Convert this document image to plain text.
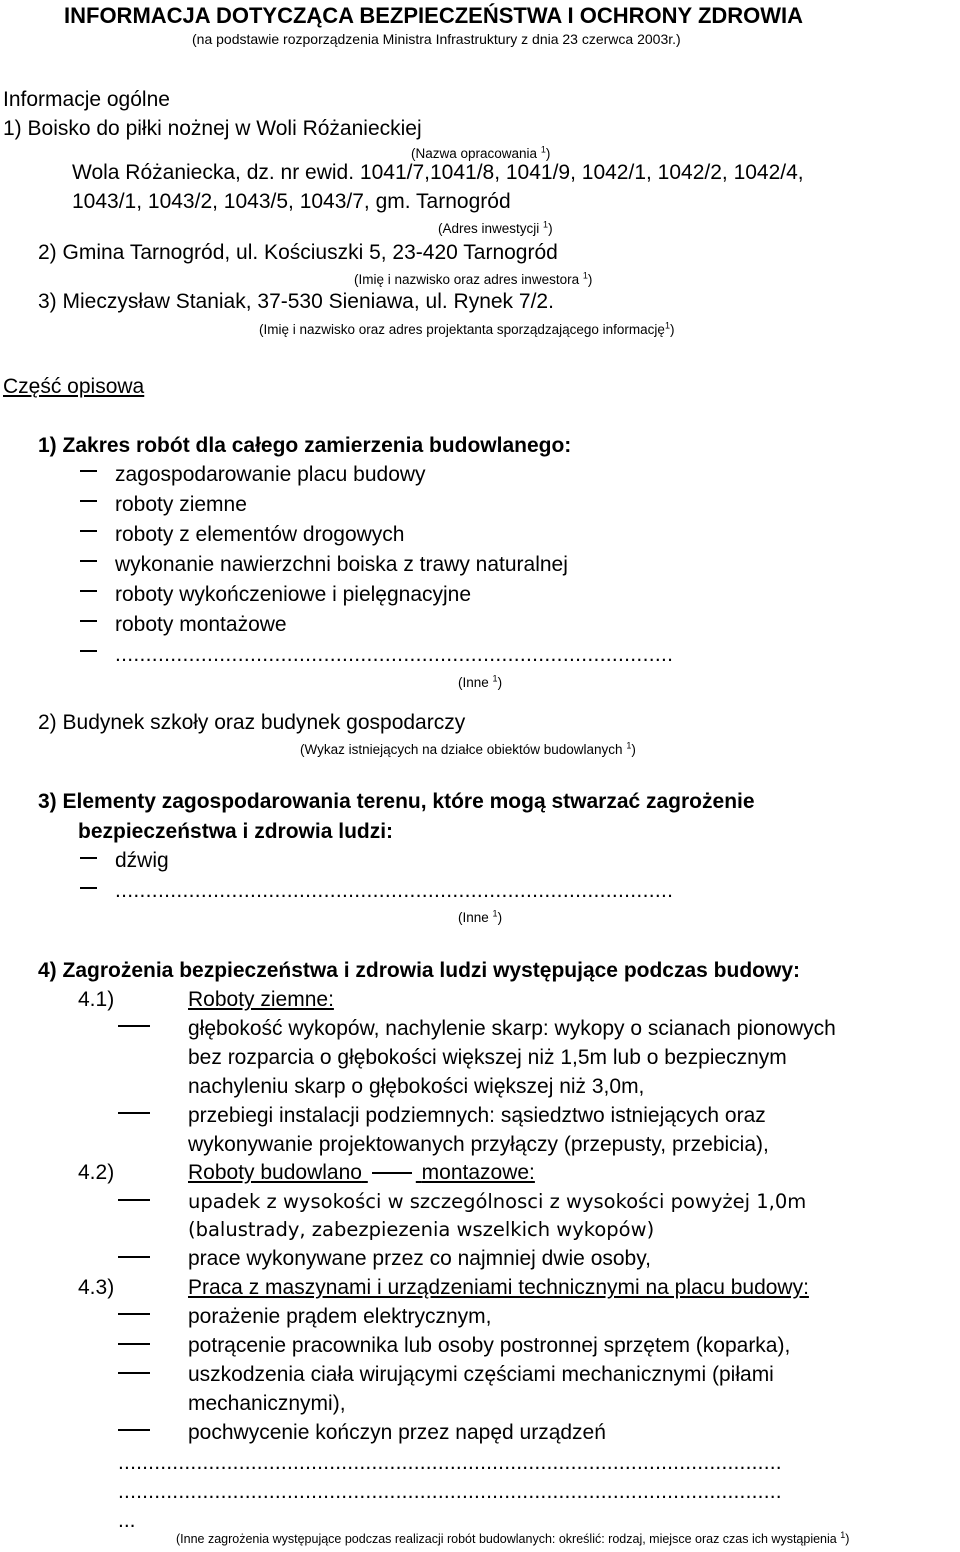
INFORMACJA DOTYCZĄCA BEZPIECZEŃSTWA I OCHRONY ZDROWIA
(na podstawie rozporządzenia Ministra Infrastruktury z dnia 23 czerwca 2003r.)
Informacje ogólne
1) Boisko do piłki nożnej w Woli Różanieckiej
(Nazwa opracowania $^1$)
Wola Różaniecka, dz. nr ewid. 1041/7,1041/8, 1041/9, 1042/1, 1042/2, 1042/4,
1043/1, 1043/2, 1043/5, 1043/7, gm. Tarnogród
(Adres inwestycji $^1$)
2) Gmina Tarnogród, ul. Kościuszki 5, 23-420 Tarnogród
(Imię i nazwisko oraz adres inwestora $^1$)
3) Mieczysław Staniak, 37-530 Sieniawa, ul. Rynek 7/2.
(Imię i nazwisko oraz adres projektanta sporządzającego informację$^1$)
Część opisowa
1) Zakres robót dla całego zamierzenia budowlanego:
zagospodarowanie placu budowy
roboty ziemne
roboty z elementów drogowych
wykonanie nawierzchni boiska z trawy naturalnej
roboty wykończeniowe i pielęgnacyjne
roboty montażowe
...........................................................................................
(Inne $^1$)
2) Budynek szkoły oraz budynek gospodarczy
(Wykaz istniejących na działce obiektów budowlanych $^1$)
3) Elementy zagospodarowania terenu, które mogą stwarzać zagrożenie
bezpieczeństwa i zdrowia ludzi:
dźwig
...........................................................................................
(Inne $^1$)
4) Zagrożenia bezpieczeństwa i zdrowia ludzi występujące podczas budowy:
4.1)	Roboty ziemne:
głębokość wykopów, nachylenie skarp: wykopy o scianach pionowych
bez rozparcia o głębokości większej niż 1,5m lub o bezpiecznym
nachyleniu skarp o głębokości większej niż 3,0m,
przebiegi instalacji podziemnych: sąsiedztwo istniejących oraz
wykonywanie projektowanych przyłączy (przepusty, przebicia),
4.2)	Roboty budowlano	montazowe:
upadek z wysokości w szczególnosci z wysokości powyżej 1,0m
(balustrady, zabezpiezenia wszelkich wykopów)
prace wykonywane przez co najmniej dwie osoby,
4.3)	Praca z maszynami i urządzeniami technicznymi na placu budowy:
porażenie prądem elektrycznym,
potrącenie pracownika lub osoby postronnej sprzętem (koparka),
uszkodzenia ciała wirującymi częściami mechanicznymi (piłami
mechanicznymi),
pochwycenie kończyn przez napęd urządzeń
..............................................................................................................
..............................................................................................................
...
(Inne zagrożenia występujące podczas realizacji robót budowlanych: określić: rodzaj, miejsce oraz czas ich wystąpienia $^1$)
